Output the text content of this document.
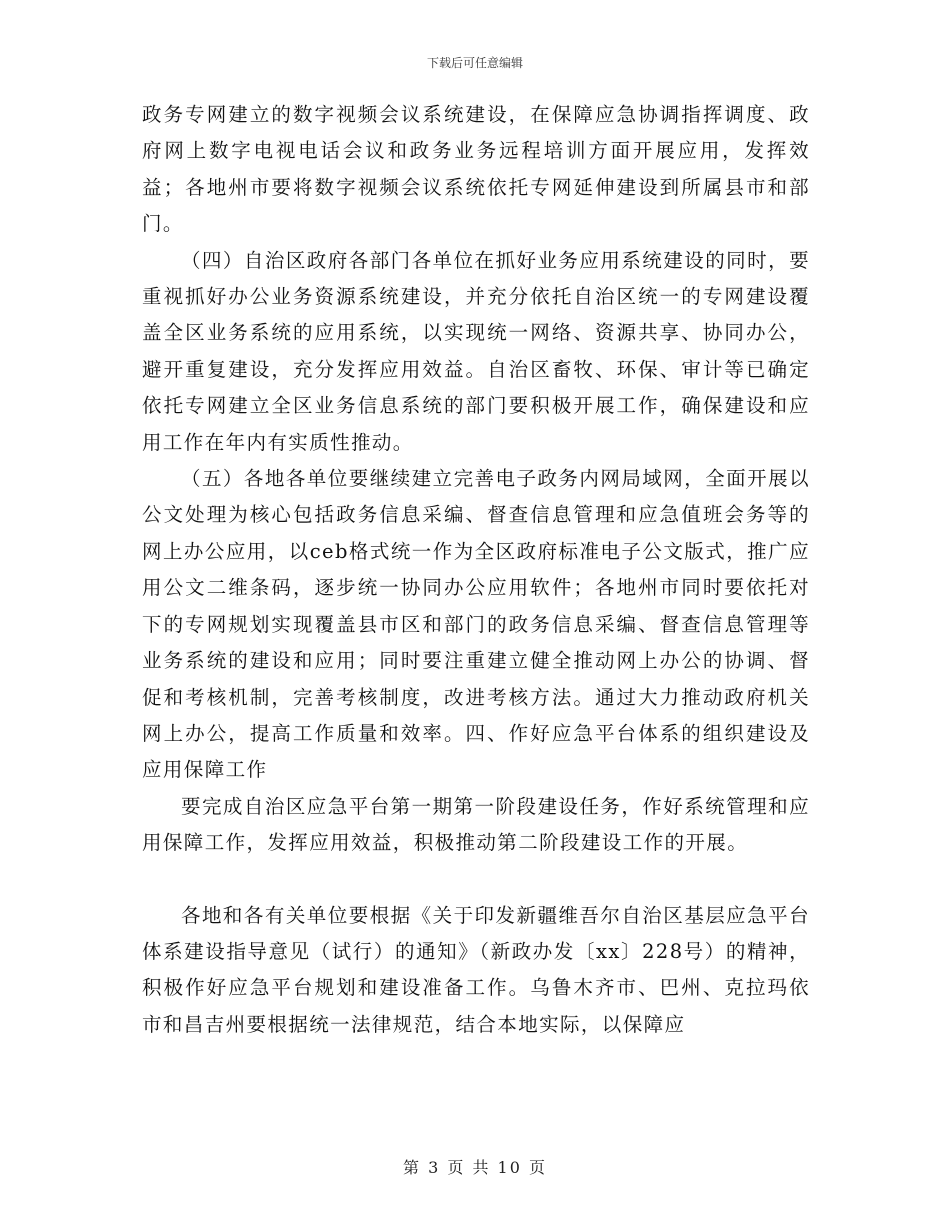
下载后可任意编辑

政务专网建立的数字视频会议系统建设，在保障应急协调指挥调度、政府网上数字电视电话会议和政务业务远程培训方面开展应用，发挥效益；各地州市要将数字视频会议系统依托专网延伸建设到所属县市和部门。

（四）自治区政府各部门各单位在抓好业务应用系统建设的同时，要重视抓好办公业务资源系统建设，并充分依托自治区统一的专网建设覆盖全区业务系统的应用系统，以实现统一网络、资源共享、协同办公，避开重复建设，充分发挥应用效益。自治区畜牧、环保、审计等已确定依托专网建立全区业务信息系统的部门要积极开展工作，确保建设和应用工作在年内有实质性推动。

（五）各地各单位要继续建立完善电子政务内网局域网，全面开展以公文处理为核心包括政务信息采编、督查信息管理和应急值班会务等的网上办公应用，以ceb格式统一作为全区政府标准电子公文版式，推广应用公文二维条码，逐步统一协同办公应用软件；各地州市同时要依托对下的专网规划实现覆盖县市区和部门的政务信息采编、督查信息管理等业务系统的建设和应用；同时要注重建立健全推动网上办公的协调、督促和考核机制，完善考核制度，改进考核方法。通过大力推动政府机关网上办公，提高工作质量和效率。四、作好应急平台体系的组织建设及应用保障工作

要完成自治区应急平台第一期第一阶段建设任务，作好系统管理和应用保障工作，发挥应用效益，积极推动第二阶段建设工作的开展。

各地和各有关单位要根据《关于印发新疆维吾尔自治区基层应急平台体系建设指导意见（试行）的通知》（新政办发〔xx〕228号）的精神，积极作好应急平台规划和建设准备工作。乌鲁木齐市、巴州、克拉玛依市和昌吉州要根据统一法律规范，结合本地实际，以保障应

第 3 页 共 10 页
